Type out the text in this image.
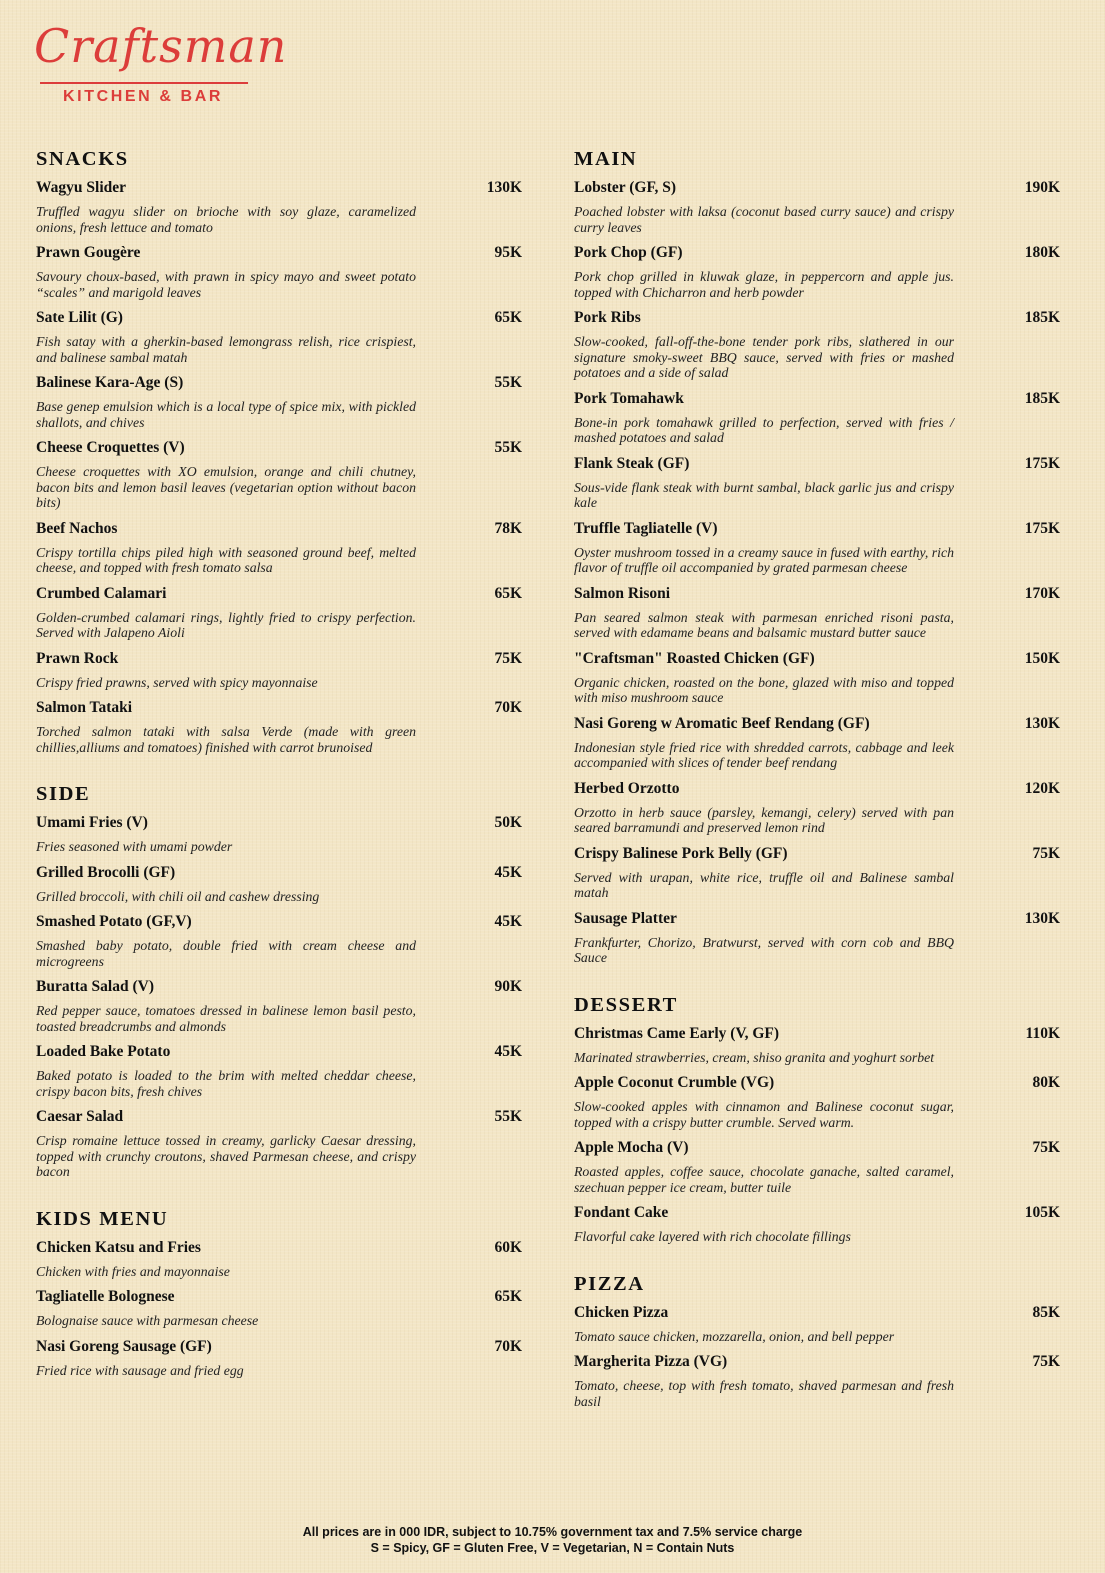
Craftsman
KITCHEN & BAR
SNACKS
Wagyu Slider	130K
Truffled wagyu slider on brioche with soy glaze, caramelized onions, fresh lettuce and tomato
Prawn Gougère	95K
Savoury choux-based, with prawn in spicy mayo and sweet potato “scales” and marigold leaves
Sate Lilit (G)	65K
Fish satay with a gherkin-based lemongrass relish, rice crispiest, and balinese sambal matah
Balinese Kara-Age (S)	55K
Base genep emulsion which is a local type of spice mix, with pickled shallots, and chives
Cheese Croquettes (V)	55K
Cheese croquettes with XO emulsion, orange and chili chutney, bacon bits and lemon basil leaves (vegetarian option without bacon bits)
Beef Nachos	78K
Crispy tortilla chips piled high with seasoned ground beef, melted cheese, and topped with fresh tomato salsa
Crumbed Calamari	65K
Golden-crumbed calamari rings, lightly fried to crispy perfection. Served with Jalapeno Aioli
Prawn Rock	75K
Crispy fried prawns, served with spicy mayonnaise
Salmon Tataki	70K
Torched salmon tataki with salsa Verde (made with green chillies,alliums and tomatoes) finished with carrot brunoised
SIDE
Umami Fries (V)	50K
Fries seasoned with umami powder
Grilled Brocolli (GF)	45K
Grilled broccoli, with chili oil and cashew dressing
Smashed Potato (GF,V)	45K
Smashed baby potato, double fried with cream cheese and microgreens
Buratta Salad (V)	90K
Red pepper sauce, tomatoes dressed in balinese lemon basil pesto, toasted breadcrumbs and almonds
Loaded Bake Potato	45K
Baked potato is loaded to the brim with melted cheddar cheese, crispy bacon bits, fresh chives
Caesar Salad	55K
Crisp romaine lettuce tossed in creamy, garlicky Caesar dressing, topped with crunchy croutons, shaved Parmesan cheese, and crispy bacon
KIDS MENU
Chicken Katsu and Fries	60K
Chicken with fries and mayonnaise
Tagliatelle Bolognese	65K
Bolognaise sauce with parmesan cheese
Nasi Goreng Sausage (GF)	70K
Fried rice with sausage and fried egg
MAIN
Lobster (GF, S)	190K
Poached lobster with laksa (coconut based curry sauce) and crispy curry leaves
Pork Chop (GF)	180K
Pork chop grilled in kluwak glaze, in peppercorn and apple jus. topped with Chicharron and herb powder
Pork Ribs	185K
Slow-cooked, fall-off-the-bone tender pork ribs, slathered in our signature smoky-sweet BBQ sauce, served with fries or mashed potatoes and a side of salad
Pork Tomahawk	185K
Bone-in pork tomahawk grilled to perfection, served with fries / mashed potatoes and salad
Flank Steak (GF)	175K
Sous-vide flank steak with burnt sambal, black garlic jus and crispy kale
Truffle Tagliatelle (V)	175K
Oyster mushroom tossed in a creamy sauce in fused with earthy, rich flavor of truffle oil accompanied by grated parmesan cheese
Salmon Risoni	170K
Pan seared salmon steak with parmesan enriched risoni pasta, served with edamame beans and balsamic mustard butter sauce
"Craftsman" Roasted Chicken (GF)	150K
Organic chicken, roasted on the bone, glazed with miso and topped with miso mushroom sauce
Nasi Goreng w Aromatic Beef Rendang (GF)	130K
Indonesian style fried rice with shredded carrots, cabbage and leek accompanied with slices of tender beef rendang
Herbed Orzotto	120K
Orzotto in herb sauce (parsley, kemangi, celery) served with pan seared barramundi and preserved lemon rind
Crispy Balinese Pork Belly (GF)	75K
Served with urapan, white rice, truffle oil and Balinese sambal matah
Sausage Platter	130K
Frankfurter, Chorizo, Bratwurst, served with corn cob and BBQ Sauce
DESSERT
Christmas Came Early (V, GF)	110K
Marinated strawberries, cream, shiso granita and yoghurt sorbet
Apple Coconut Crumble (VG)	80K
Slow-cooked apples with cinnamon and Balinese coconut sugar, topped with a crispy butter crumble. Served warm.
Apple Mocha (V)	75K
Roasted apples, coffee sauce, chocolate ganache, salted caramel, szechuan pepper ice cream, butter tuile
Fondant Cake	105K
Flavorful cake layered with rich chocolate fillings
PIZZA
Chicken Pizza	85K
Tomato sauce chicken, mozzarella, onion, and bell pepper
Margherita Pizza (VG)	75K
Tomato, cheese, top with fresh tomato, shaved parmesan and fresh basil
All prices are in 000 IDR, subject to 10.75% government tax and 7.5% service charge
S = Spicy, GF = Gluten Free, V = Vegetarian, N = Contain Nuts
